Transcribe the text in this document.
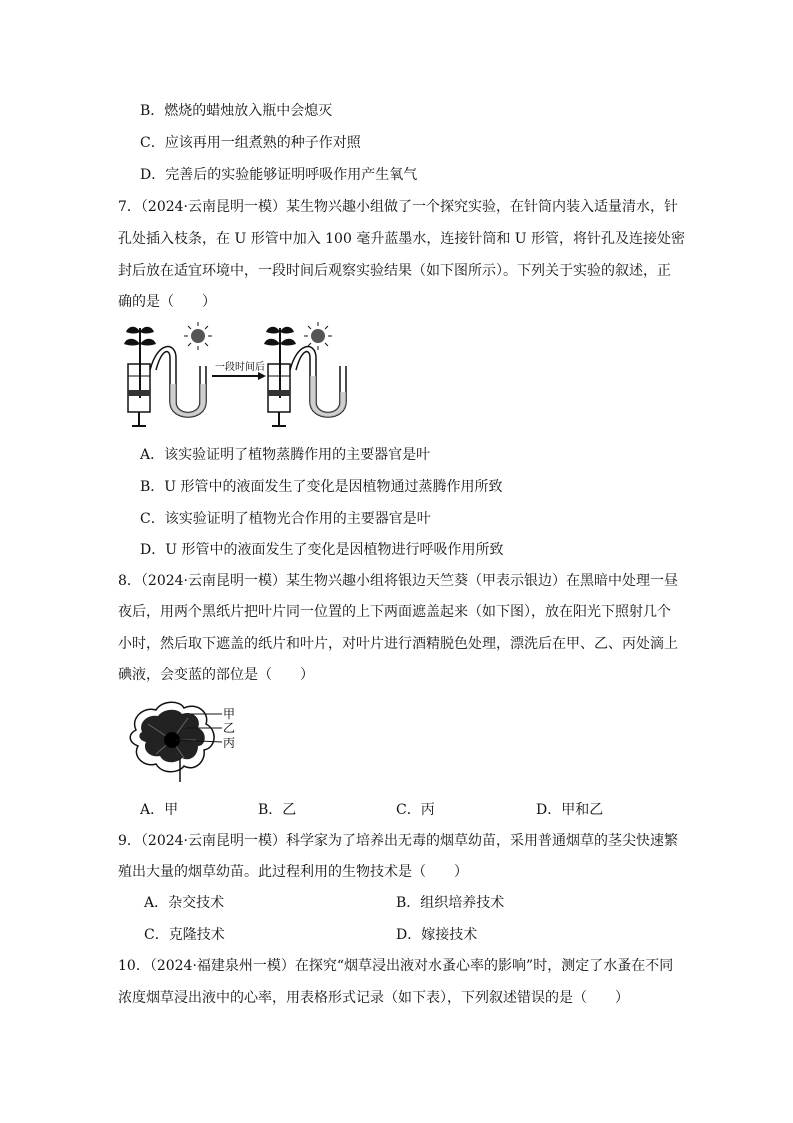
B．燃烧的蜡烛放入瓶中会熄灭
C．应该再用一组煮熟的种子作对照
D．完善后的实验能够证明呼吸作用产生氧气
7．（2024·云南昆明一模）某生物兴趣小组做了一个探究实验，在针筒内装入适量清水，针
孔处插入枝条，在 U 形管中加入 100 毫升蓝墨水，连接针筒和 U 形管，将针孔及连接处密
封后放在适宜环境中，一段时间后观察实验结果（如下图所示）。下列关于实验的叙述，正
确的是（　　）
一段时间后
A．该实验证明了植物蒸腾作用的主要器官是叶
B．U 形管中的液面发生了变化是因植物通过蒸腾作用所致
C．该实验证明了植物光合作用的主要器官是叶
D．U 形管中的液面发生了变化是因植物进行呼吸作用所致
8．（2024·云南昆明一模）某生物兴趣小组将银边天竺葵（甲表示银边）在黑暗中处理一昼
夜后，用两个黑纸片把叶片同一位置的上下两面遮盖起来（如下图），放在阳光下照射几个
小时，然后取下遮盖的纸片和叶片，对叶片进行酒精脱色处理，漂洗后在甲、乙、丙处滴上
碘液，会变蓝的部位是（　　）
甲
乙
丙
A．甲	B．乙	C．丙	D．甲和乙
9．（2024·云南昆明一模）科学家为了培养出无毒的烟草幼苗，采用普通烟草的茎尖快速繁
殖出大量的烟草幼苗。此过程利用的生物技术是（　　）
A．杂交技术	B．组织培养技术
C．克隆技术	D．嫁接技术
10．（2024·福建泉州一模）在探究“烟草浸出液对水蚤心率的影响”时，测定了水蚤在不同
浓度烟草浸出液中的心率，用表格形式记录（如下表），下列叙述错误的是（　　）
